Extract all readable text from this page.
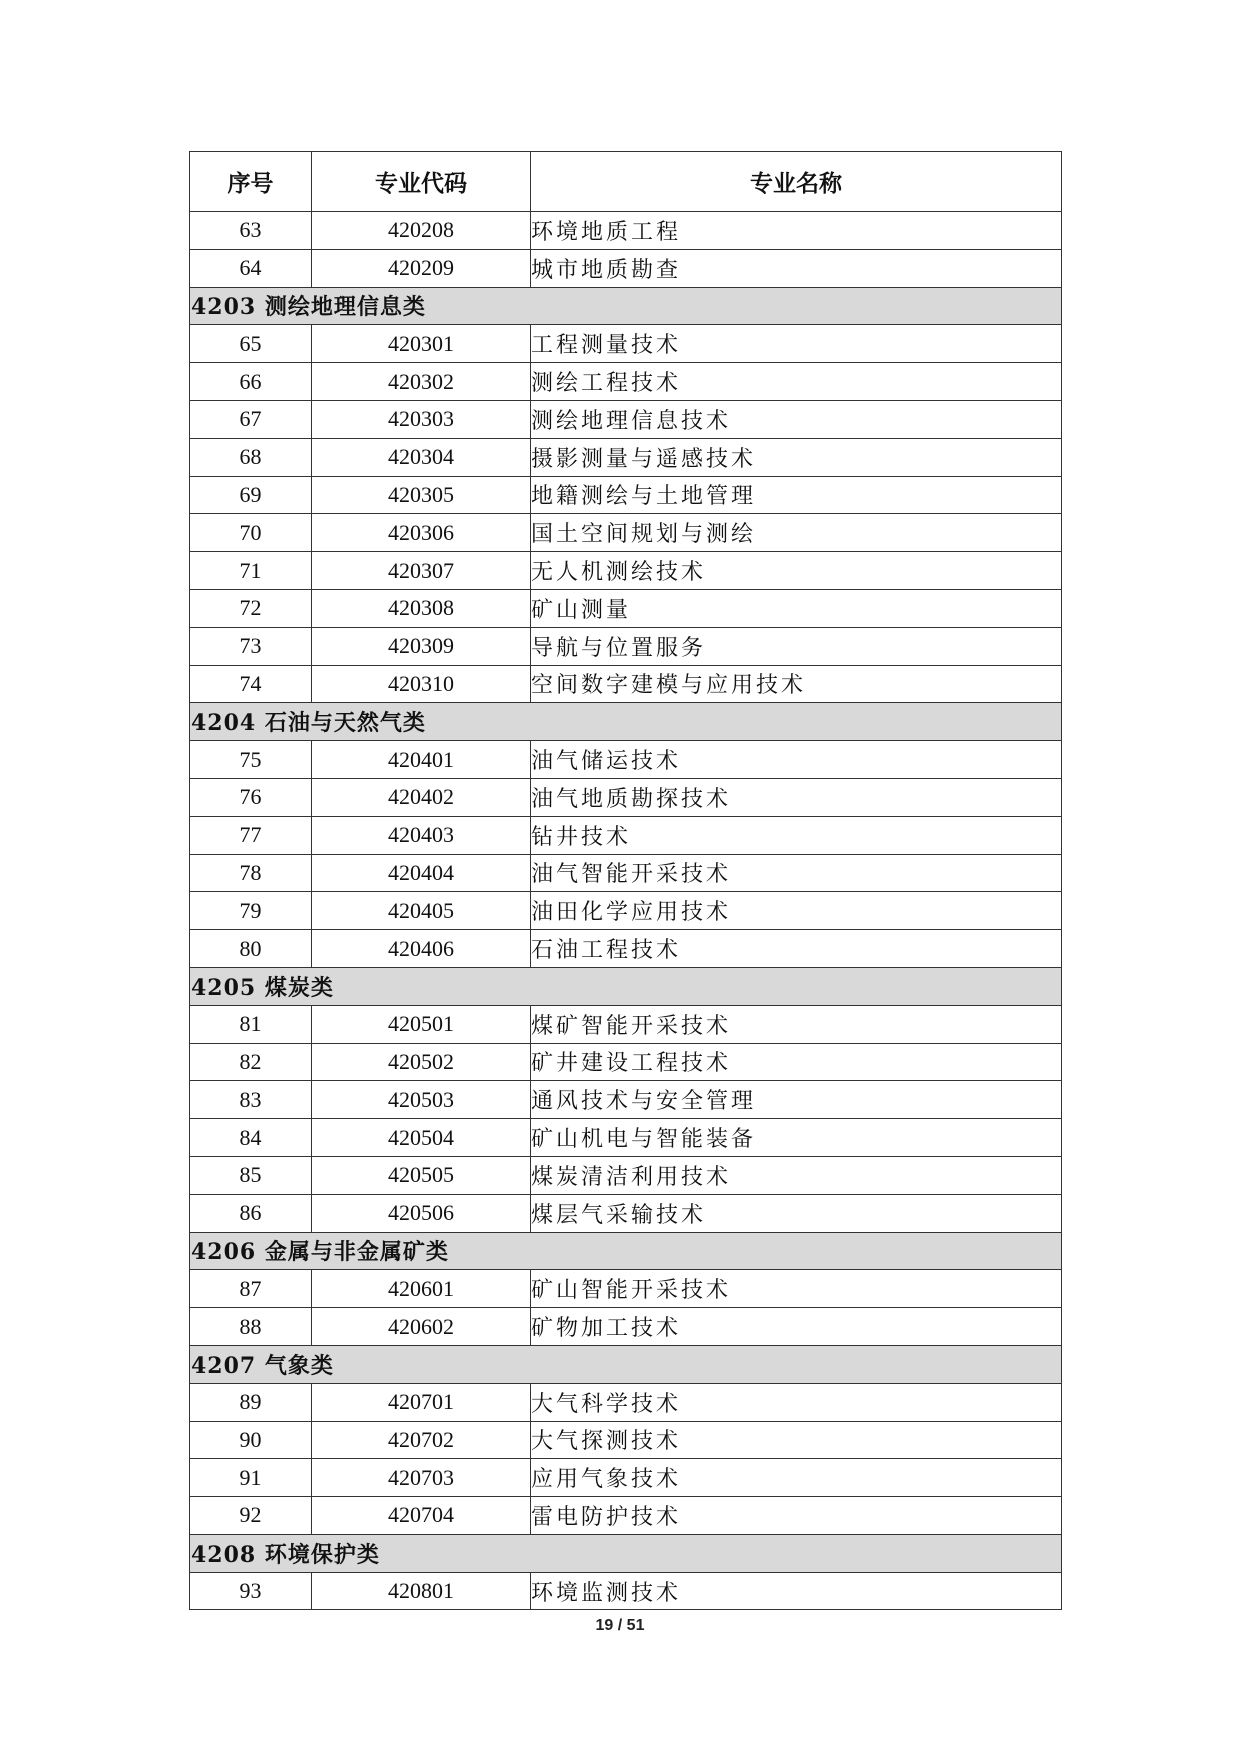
序号	专业代码	专业名称
63	420208	环境地质工程
64	420209	城市地质勘查
4203 测绘地理信息类		
65	420301	工程测量技术
66	420302	测绘工程技术
67	420303	测绘地理信息技术
68	420304	摄影测量与遥感技术
69	420305	地籍测绘与土地管理
70	420306	国土空间规划与测绘
71	420307	无人机测绘技术
72	420308	矿山测量
73	420309	导航与位置服务
74	420310	空间数字建模与应用技术
4204 石油与天然气类		
75	420401	油气储运技术
76	420402	油气地质勘探技术
77	420403	钻井技术
78	420404	油气智能开采技术
79	420405	油田化学应用技术
80	420406	石油工程技术
4205 煤炭类		
81	420501	煤矿智能开采技术
82	420502	矿井建设工程技术
83	420503	通风技术与安全管理
84	420504	矿山机电与智能装备
85	420505	煤炭清洁利用技术
86	420506	煤层气采输技术
4206 金属与非金属矿类		
87	420601	矿山智能开采技术
88	420602	矿物加工技术
4207 气象类		
89	420701	大气科学技术
90	420702	大气探测技术
91	420703	应用气象技术
92	420704	雷电防护技术
4208 环境保护类		
93	420801	环境监测技术
19 / 51
